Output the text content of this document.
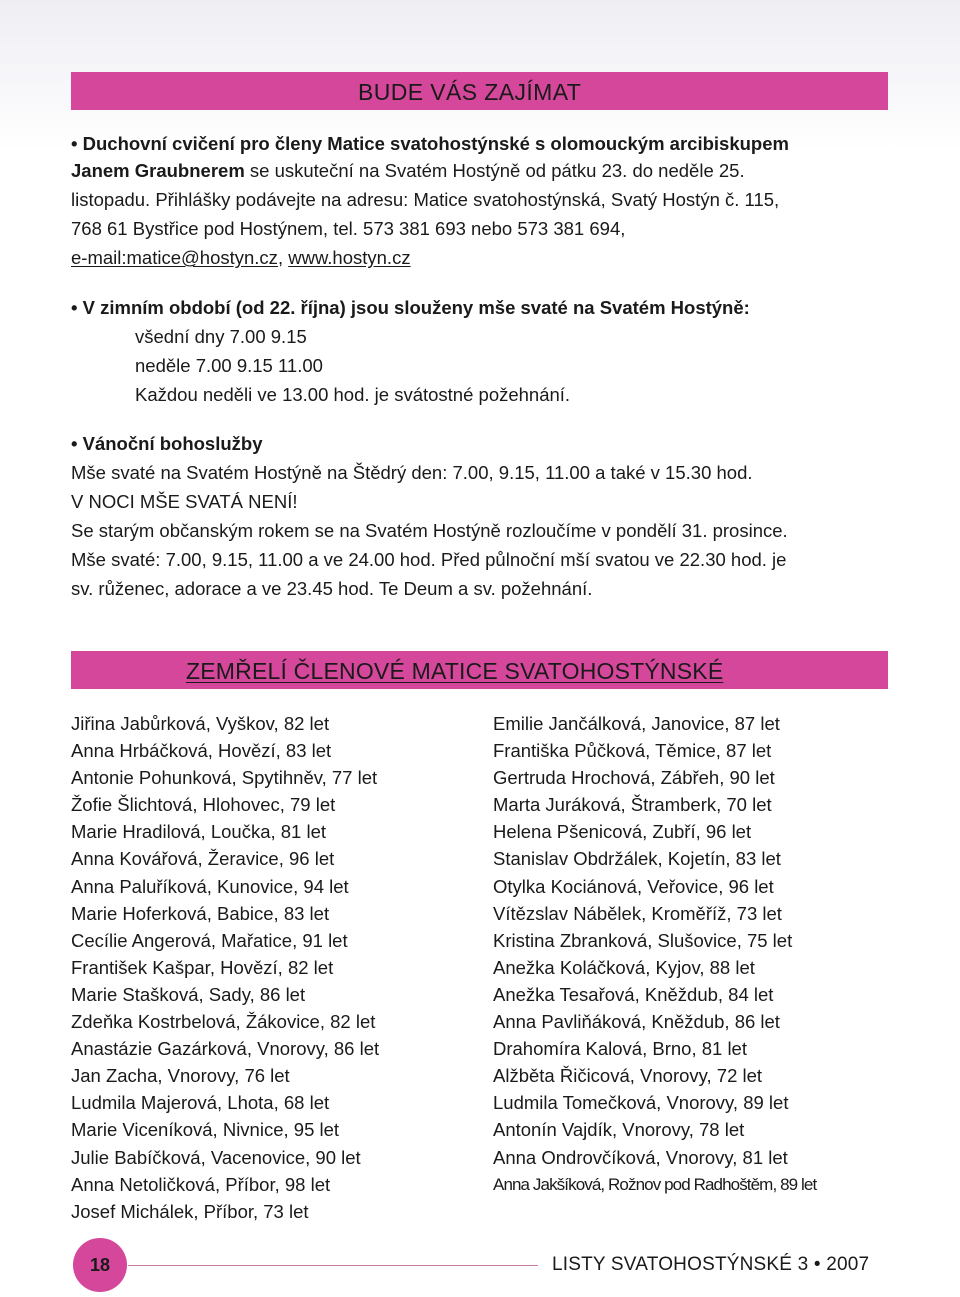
BUDE VÁS ZAJÍMAT
• Duchovní cvičení pro členy Matice svatohostýnské s olomouckým arcibiskupem
Janem Graubnerem se uskuteční na Svatém Hostýně od pátku 23. do neděle 25.
listopadu. Přihlášky podávejte na adresu: Matice svatohostýnská, Svatý Hostýn č. 115,
768 61 Bystřice pod Hostýnem, tel. 573 381 693 nebo 573 381 694,
e-mail:matice@hostyn.cz, www.hostyn.cz
• V zimním období (od 22. října) jsou slouženy mše svaté na Svatém Hostýně:
všední dny 7.00 9.15
neděle 7.00 9.15 11.00
Každou neděli ve 13.00 hod. je svátostné požehnání.
• Vánoční bohoslužby
Mše svaté na Svatém Hostýně na Štědrý den: 7.00, 9.15, 11.00 a také v 15.30 hod.
V NOCI MŠE SVATÁ NENÍ!
Se starým občanským rokem se na Svatém Hostýně rozloučíme v pondělí 31. prosince.
Mše svaté: 7.00, 9.15, 11.00 a ve 24.00 hod. Před půlnoční mší svatou ve 22.30 hod. je
sv. růženec, adorace a ve 23.45 hod. Te Deum a sv. požehnání.
ZEMŘELÍ ČLENOVÉ MATICE SVATOHOSTÝNSKÉ
Jiřina Jabůrková, Vyškov, 82 let
Anna Hrbáčková, Hovězí, 83 let
Antonie Pohunková, Spytihněv, 77 let
Žofie Šlichtová, Hlohovec, 79 let
Marie Hradilová, Loučka, 81 let
Anna Kovářová, Žeravice, 96 let
Anna Paluříková, Kunovice, 94 let
Marie Hoferková, Babice, 83 let
Cecílie Angerová, Mařatice, 91 let
František Kašpar, Hovězí, 82 let
Marie Stašková, Sady, 86 let
Zdeňka Kostrbelová, Žákovice, 82 let
Anastázie Gazárková, Vnorovy, 86 let
Jan Zacha, Vnorovy, 76 let
Ludmila Majerová, Lhota, 68 let
Marie Viceníková, Nivnice, 95 let
Julie Babíčková, Vacenovice, 90 let
Anna Netoličková, Příbor, 98 let
Josef Michálek, Příbor, 73 let
Emilie Jančálková, Janovice, 87 let
Františka Půčková, Těmice, 87 let
Gertruda Hrochová, Zábřeh, 90 let
Marta Juráková, Štramberk, 70 let
Helena Pšenicová, Zubří, 96 let
Stanislav Obdržálek, Kojetín, 83 let
Otylka Kociánová, Veřovice, 96 let
Vítězslav Nábělek, Kroměříž, 73 let
Kristina Zbranková, Slušovice, 75 let
Anežka Koláčková, Kyjov, 88 let
Anežka Tesařová, Kněždub, 84 let
Anna Pavliňáková, Kněždub, 86 let
Drahomíra Kalová, Brno, 81 let
Alžběta Řičicová, Vnorovy, 72 let
Ludmila Tomečková, Vnorovy, 89 let
Antonín Vajdík, Vnorovy, 78 let
Anna Ondrovčíková, Vnorovy, 81 let
Anna Jakšíková, Rožnov pod Radhoštěm, 89 let
18	LISTY SVATOHOSTÝNSKÉ 3 • 2007
